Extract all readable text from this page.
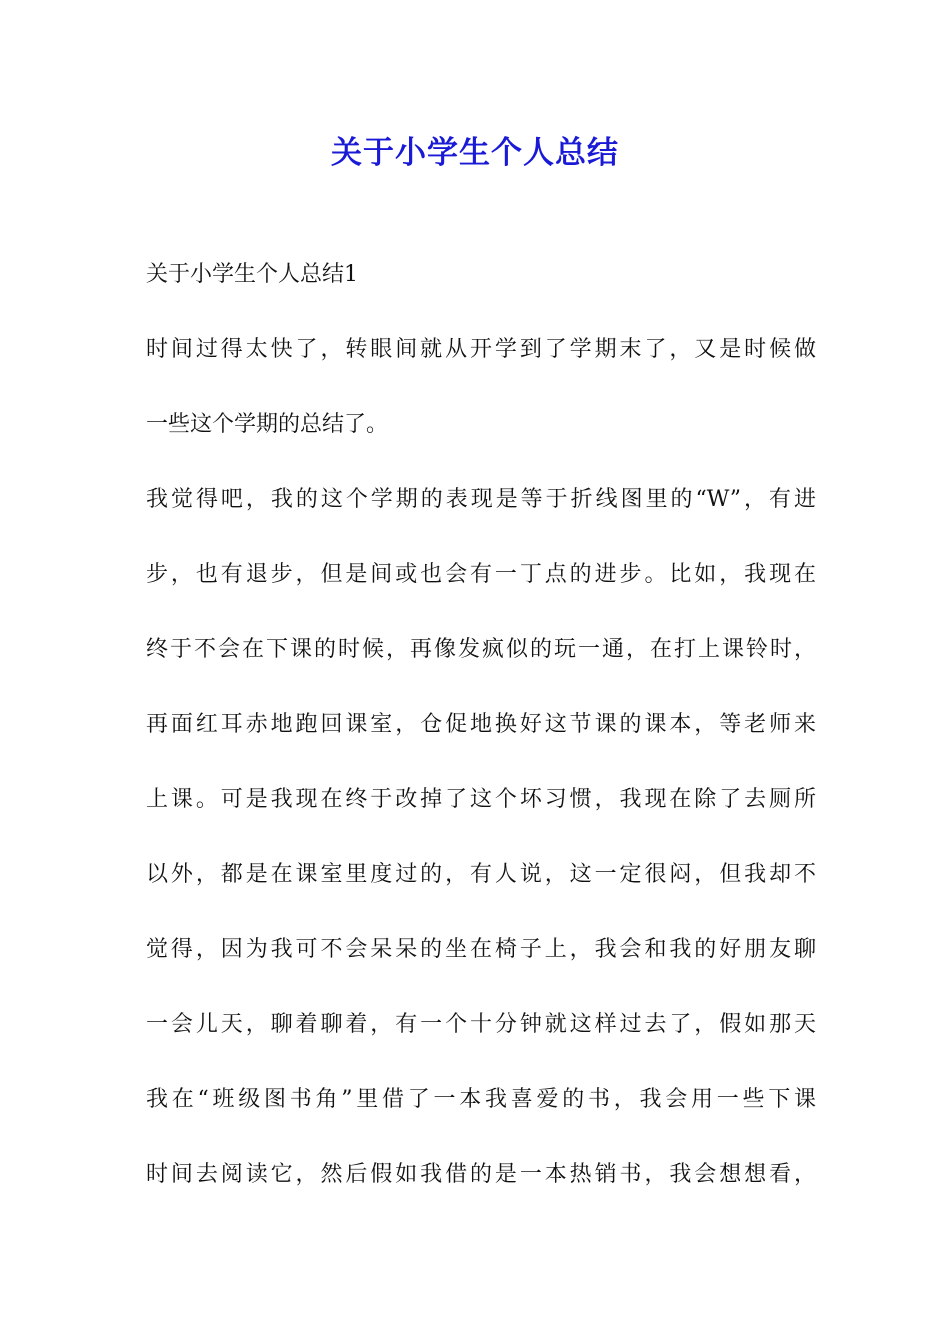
关于小学生个人总结
关于小学生个人总结1
时间过得太快了，转眼间就从开学到了学期末了，又是时候做
一些这个学期的总结了。
我觉得吧，我的这个学期的表现是等于折线图里的“W”，有进
步，也有退步，但是间或也会有一丁点的进步。比如，我现在
终于不会在下课的时候，再像发疯似的玩一通，在打上课铃时，
再面红耳赤地跑回课室，仓促地换好这节课的课本，等老师来
上课。可是我现在终于改掉了这个坏习惯，我现在除了去厕所
以外，都是在课室里度过的，有人说，这一定很闷，但我却不
觉得，因为我可不会呆呆的坐在椅子上，我会和我的好朋友聊
一会儿天，聊着聊着，有一个十分钟就这样过去了，假如那天
我在“班级图书角”里借了一本我喜爱的书，我会用一些下课
时间去阅读它，然后假如我借的是一本热销书，我会想想看，
